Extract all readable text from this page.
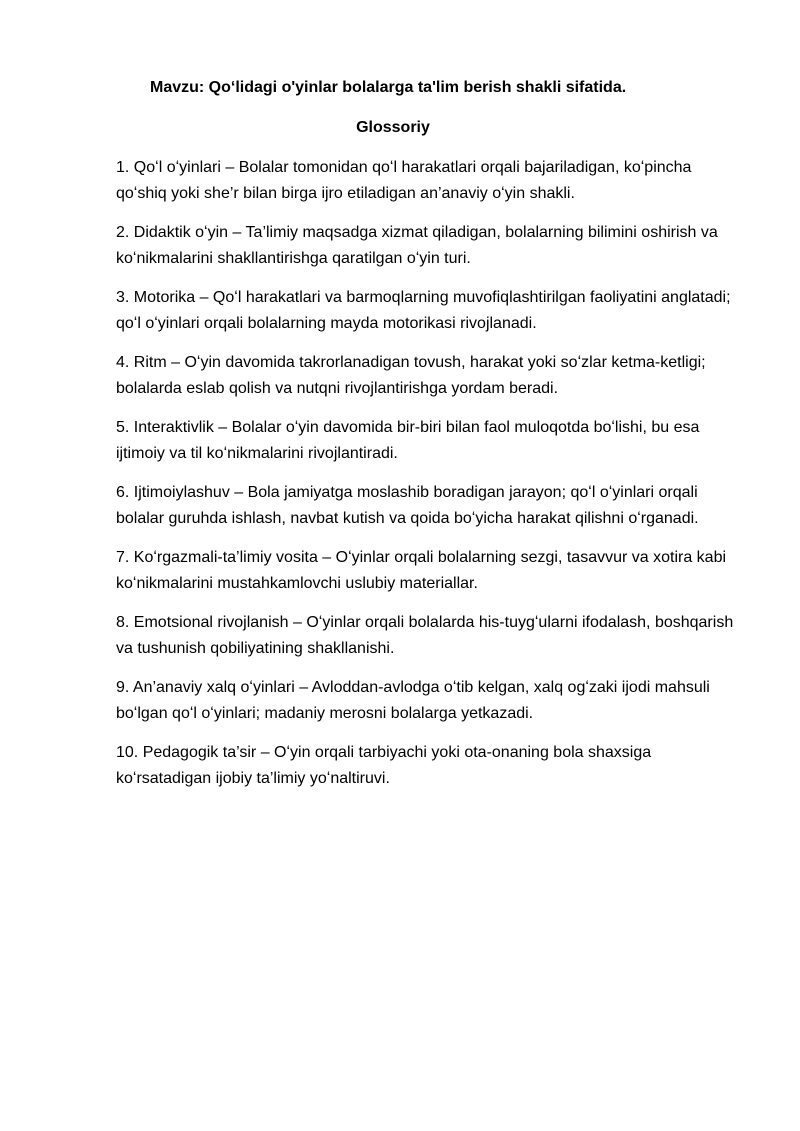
Mavzu: Qoʻlidagi o'yinlar bolalarga ta'lim berish shakli sifatida.
Glossoriy
1. Qoʻl oʻyinlari – Bolalar tomonidan qoʻl harakatlari orqali bajariladigan, koʻpincha qoʻshiq yoki she’r bilan birga ijro etiladigan an’anaviy oʻyin shakli.
2. Didaktik oʻyin – Ta’limiy maqsadga xizmat qiladigan, bolalarning bilimini oshirish va koʻnikmalarini shakllantirishga qaratilgan oʻyin turi.
3. Motorika – Qoʻl harakatlari va barmoqlarning muvofiqlashtirilgan faoliyatini anglatadi; qoʻl oʻyinlari orqali bolalarning mayda motorikasi rivojlanadi.
4. Ritm – Oʻyin davomida takrorlanadigan tovush, harakat yoki soʻzlar ketma-ketligi; bolalarda eslab qolish va nutqni rivojlantirishga yordam beradi.
5. Interaktivlik – Bolalar oʻyin davomida bir-biri bilan faol muloqotda boʻlishi, bu esa ijtimoiy va til koʻnikmalarini rivojlantiradi.
6. Ijtimoiylashuv – Bola jamiyatga moslashib boradigan jarayon; qoʻl oʻyinlari orqali bolalar guruhda ishlash, navbat kutish va qoida boʻyicha harakat qilishni oʻrganadi.
7. Koʻrgazmali-ta’limiy vosita – Oʻyinlar orqali bolalarning sezgi, tasavvur va xotira kabi koʻnikmalarini mustahkamlovchi uslubiy materiallar.
8. Emotsional rivojlanish – Oʻyinlar orqali bolalarda his-tuygʻularni ifodalash, boshqarish va tushunish qobiliyatining shakllanishi.
9. An’anaviy xalq oʻyinlari – Avloddan-avlodga oʻtib kelgan, xalq ogʻzaki ijodi mahsuli boʻlgan qoʻl oʻyinlari; madaniy merosni bolalarga yetkazadi.
10. Pedagogik ta’sir – Oʻyin orqali tarbiyachi yoki ota-onaning bola shaxsiga koʻrsatadigan ijobiy ta’limiy yoʻnaltiruvi.
